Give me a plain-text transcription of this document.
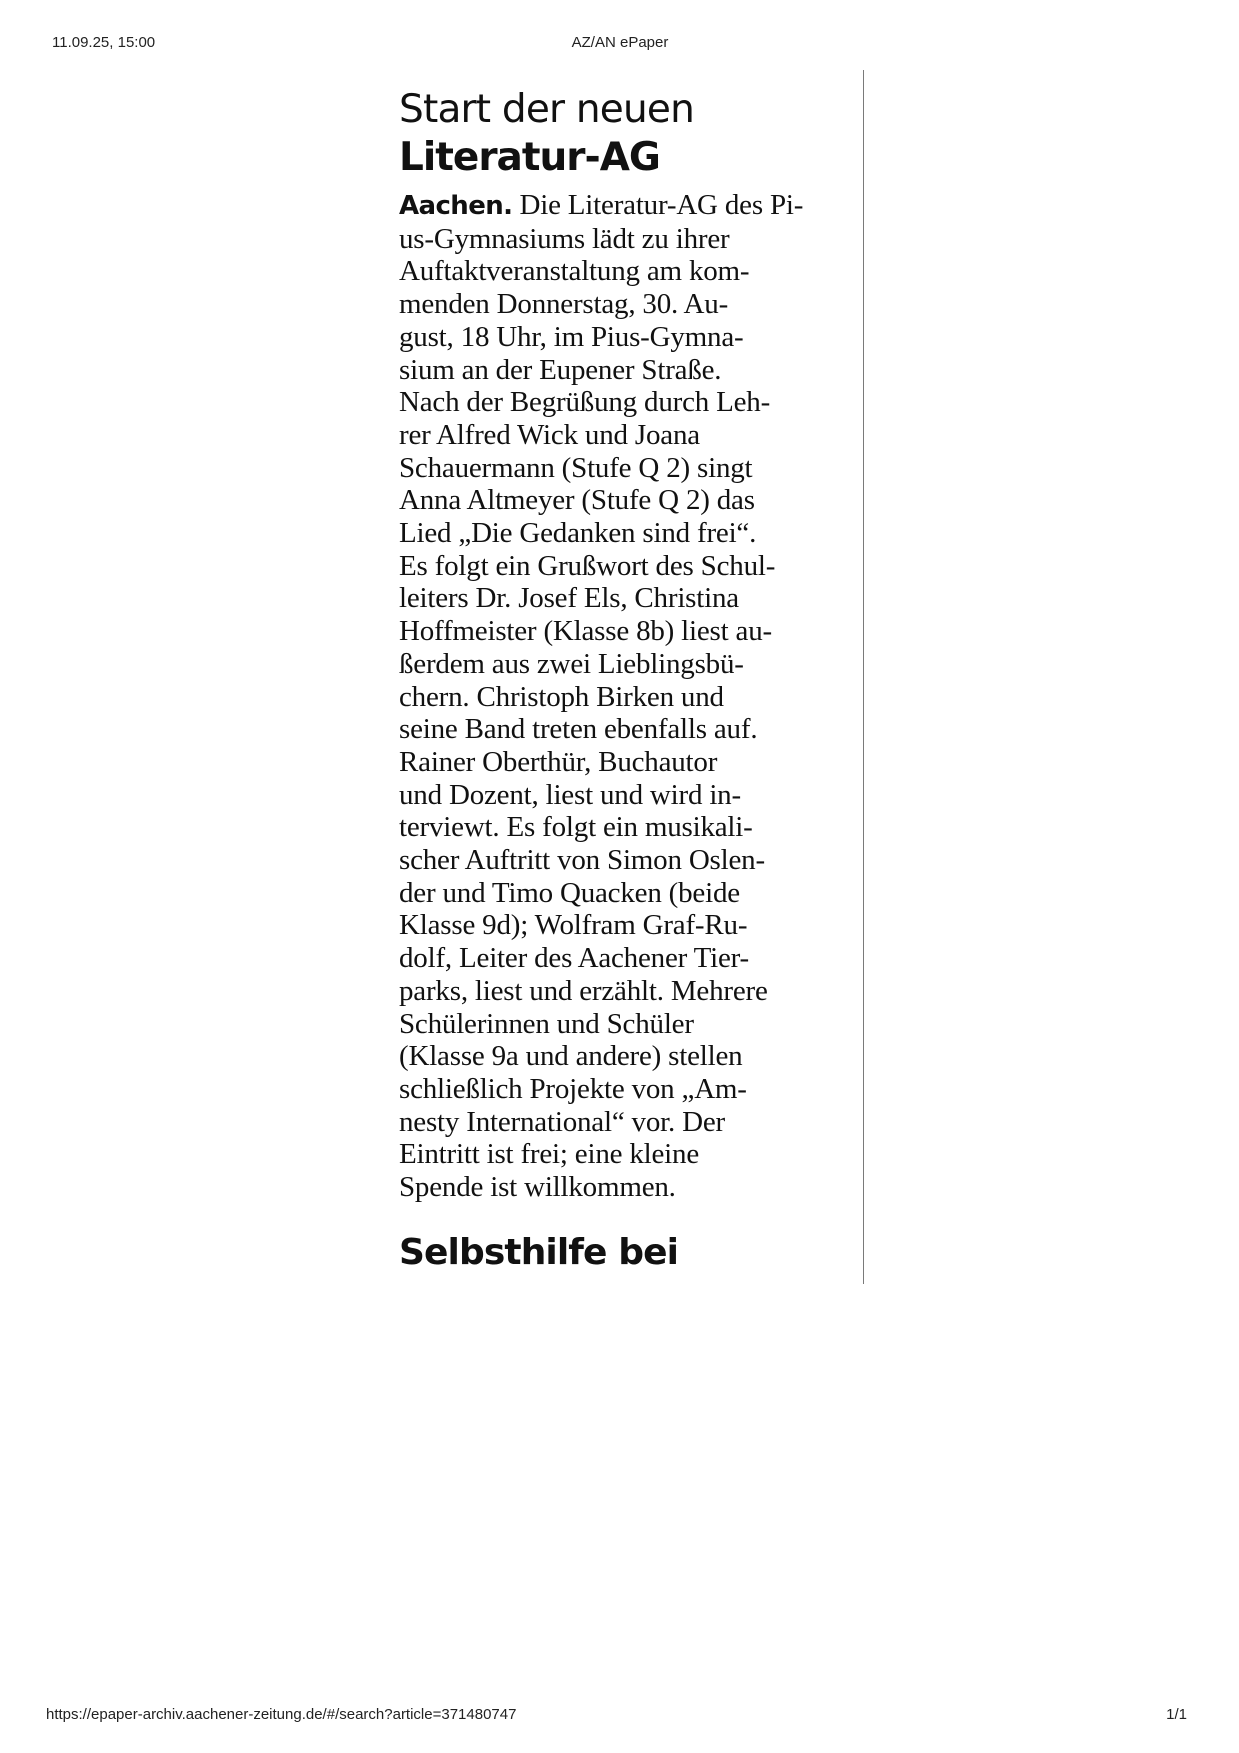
11.09.25, 15:00	AZ/AN ePaper
Start der neuen
Literatur-AG

Aachen. Die Literatur-AG des Pi-
us-Gymnasiums lädt zu ihrer
Auftaktveranstaltung am kom-
menden Donnerstag, 30. Au-
gust, 18 Uhr, im Pius-Gymna-
sium an der Eupener Straße.
Nach der Begrüßung durch Leh-
rer Alfred Wick und Joana
Schauermann (Stufe Q 2) singt
Anna Altmeyer (Stufe Q 2) das
Lied „Die Gedanken sind frei“.
Es folgt ein Grußwort des Schul-
leiters Dr. Josef Els, Christina
Hoffmeister (Klasse 8b) liest au-
ßerdem aus zwei Lieblingsbü-
chern. Christoph Birken und
seine Band treten ebenfalls auf.
Rainer Oberthür, Buchautor
und Dozent, liest und wird in-
terviewt. Es folgt ein musikali-
scher Auftritt von Simon Oslen-
der und Timo Quacken (beide
Klasse 9d); Wolfram Graf-Ru-
dolf, Leiter des Aachener Tier-
parks, liest und erzählt. Mehrere
Schülerinnen und Schüler
(Klasse 9a und andere) stellen
schließlich Projekte von „Am-
nesty International“ vor. Der
Eintritt ist frei; eine kleine
Spende ist willkommen.

Selbsthilfe bei
https://epaper-archiv.aachener-zeitung.de/#/search?article=371480747	1/1
